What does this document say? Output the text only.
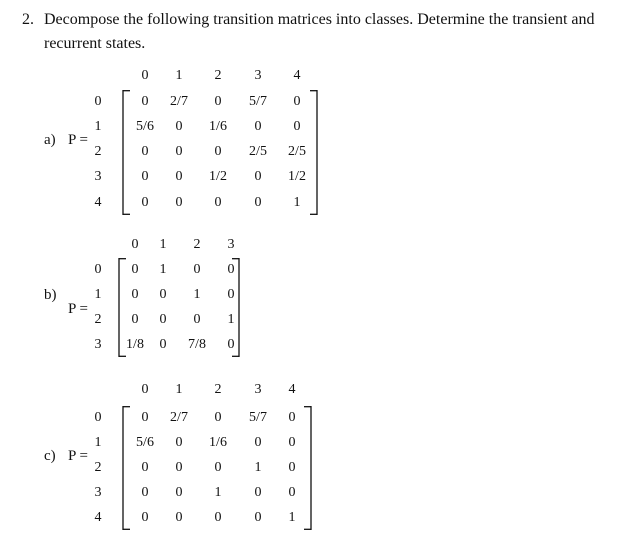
2. Decompose the following transition matrices into classes. Determine the transient and recurrent states.
a) P =
0 1 2 3 4
0
1
2
3
4
0 2/7 0 5/7 0
5/6 0 1/6 0 0
0 0 0 2/5 2/5
0 0 1/2 0 1/2
0 0 0 0 1
b)
P =
0 1 2 3
0
1
2
3
0 1 0 0
0 0 1 0
0 0 0 1
1/8 0 7/8 0
c) P =
0 1 2 3 4
0
1
2
3
4
0 2/7 0 5/7 0
5/6 0 1/6 0 0
0 0 0 1 0
0 0 1 0 0
0 0 0 0 1
